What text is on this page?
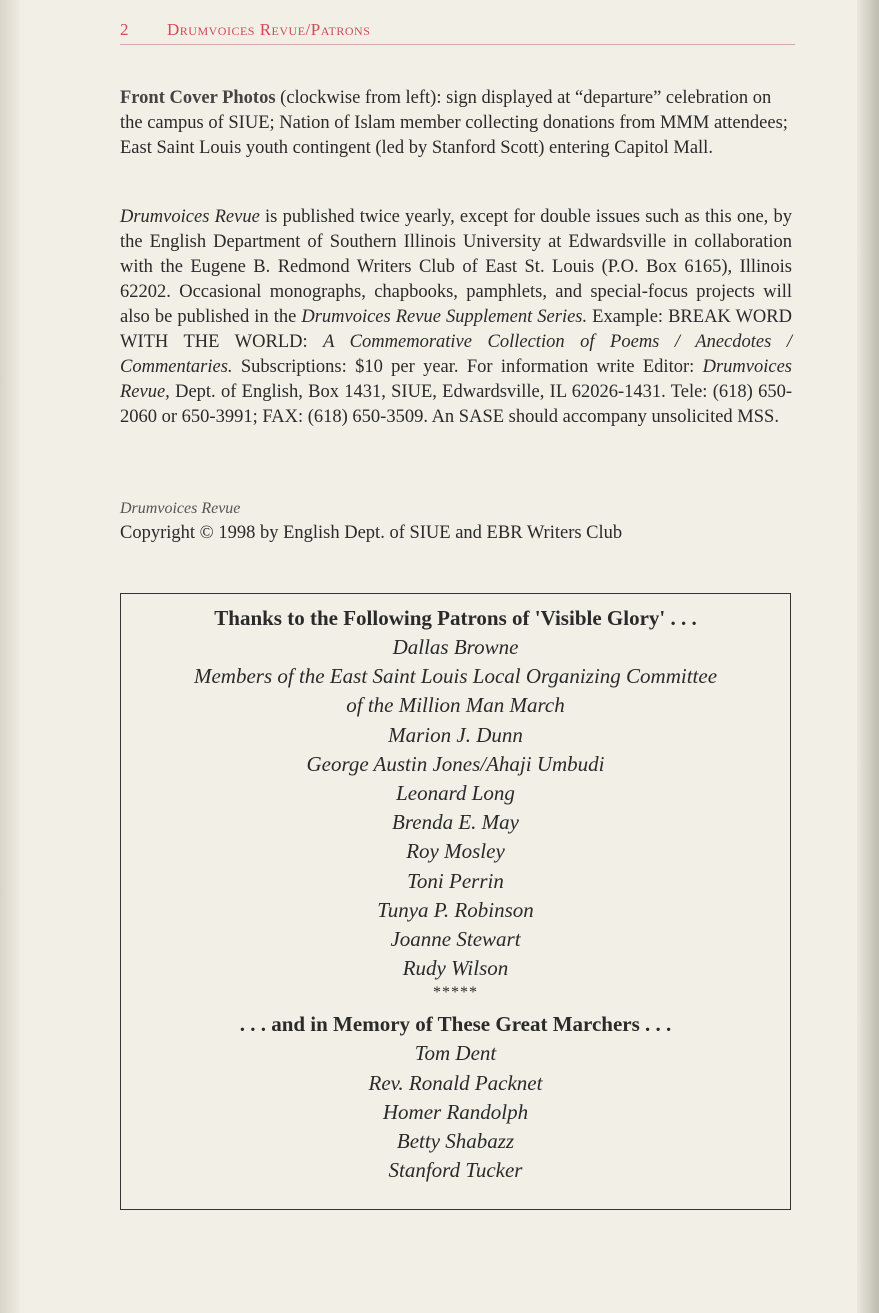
2 Drumvoices Revue/Patrons
Front Cover Photos (clockwise from left): sign displayed at “departure” celebration on the campus of SIUE; Nation of Islam member collecting donations from MMM attendees; East Saint Louis youth contingent (led by Stanford Scott) entering Capitol Mall.
Drumvoices Revue is published twice yearly, except for double issues such as this one, by the English Department of Southern Illinois University at Edwardsville in collaboration with the Eugene B. Redmond Writers Club of East St. Louis (P.O. Box 6165), Illinois 62202. Occasional monographs, chapbooks, pamphlets, and special-focus projects will also be published in the Drumvoices Revue Supplement Series. Example: BREAK WORD WITH THE WORLD: A Commemorative Collection of Poems / Anecdotes / Commentaries. Subscriptions: $10 per year. For information write Editor: Drumvoices Revue, Dept. of English, Box 1431, SIUE, Edwardsville, IL 62026-1431. Tele: (618) 650-2060 or 650-3991; FAX: (618) 650-3509. An SASE should accompany unsolicited MSS.
Drumvoices Revue
Copyright © 1998 by English Dept. of SIUE and EBR Writers Club
Thanks to the Following Patrons of 'Visible Glory' . . .
Dallas Browne
Members of the East Saint Louis Local Organizing Committee
of the Million Man March
Marion J. Dunn
George Austin Jones/Ahaji Umbudi
Leonard Long
Brenda E. May
Roy Mosley
Toni Perrin
Tunya P. Robinson
Joanne Stewart
Rudy Wilson
*****
. . . and in Memory of These Great Marchers . . .
Tom Dent
Rev. Ronald Packnet
Homer Randolph
Betty Shabazz
Stanford Tucker
